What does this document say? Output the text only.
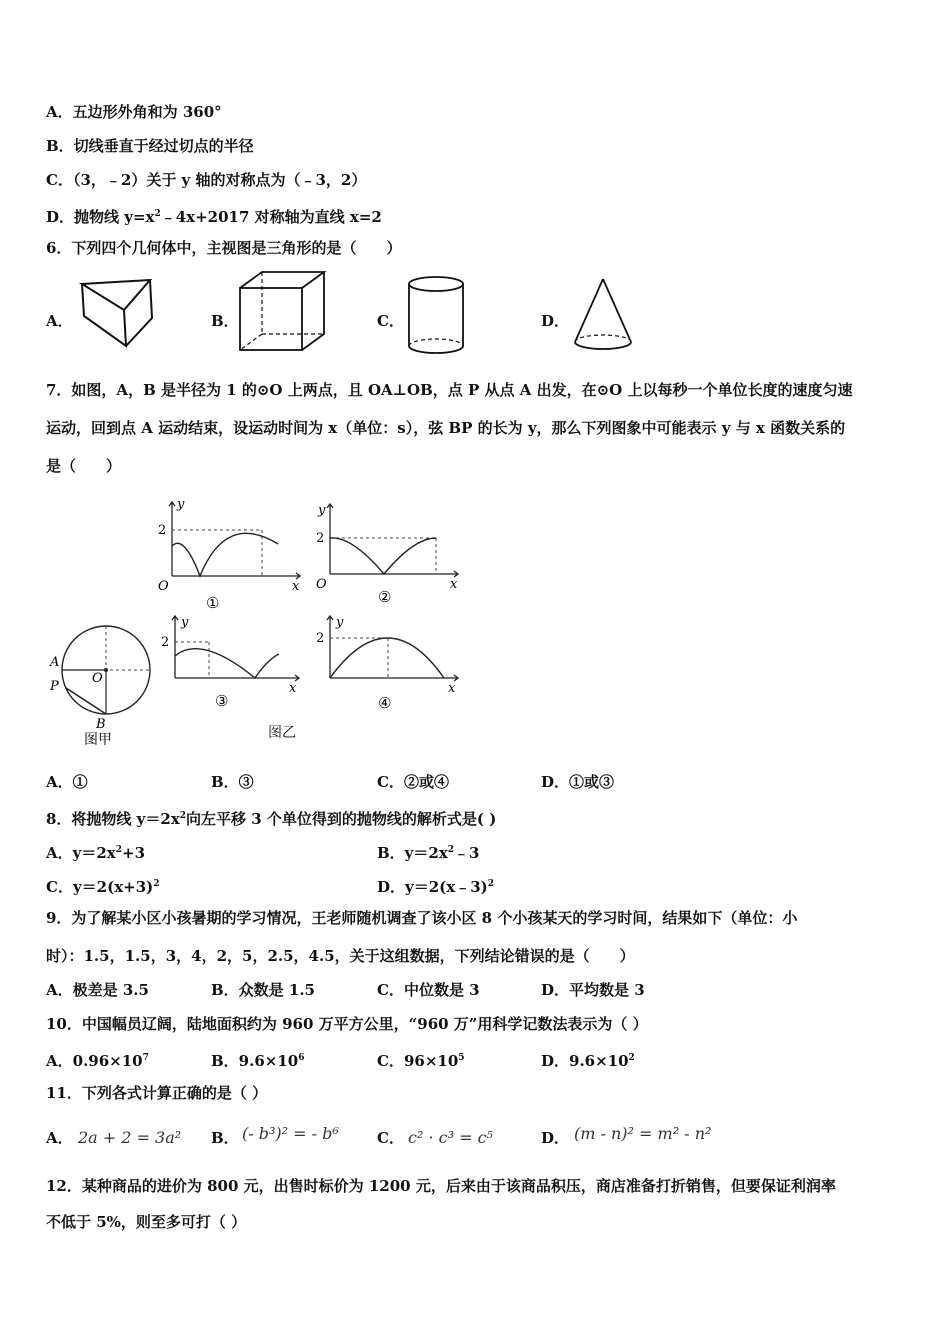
A．五边形外角和为 360°
B．切线垂直于经过切点的半径
C．（3，﹣2）关于 y 轴的对称点为（﹣3，2）
D．抛物线 $y=x^2﹣4x+2017$ 对称轴为直线 x=2
6．下列四个几何体中，主视图是三角形的是（　　）
A．	B．	C．	D．
7．如图，A，B 是半径为 1 的⊙O 上两点，且 OA⊥OB，点 P 从点 A 出发，在⊙O 上以每秒一个单位长度的速度匀速
运动，回到点 A 运动结束，设运动时间为 x（单位：s），弦 BP 的长为 y，那么下列图象中可能表示 y 与 x 函数关系的
是（　　）
2
y
x
O
①
2
y
x
O
②
A
P
O
B
图甲
2
y
x
③
2
y
x
④
图乙
A．①	B．③	C．②或④	D．①或③
8．将抛物线 $y=2x^2$向左平移 3 个单位得到的抛物线的解析式是( )
A．$y=2x^2+3$	B．$y=2x^2﹣3$
C．$y=2(x+3)^2$	D．y＝2(x﹣3)$^2$
9．为了解某小区小孩暑期的学习情况，王老师随机调查了该小区 8 个小孩某天的学习时间，结果如下（单位：小
时）：1.5，1.5，3，4，2，5，2.5，4.5，关于这组数据，下列结论错误的是（　　）
A．极差是 3.5	B．众数是 1.5	C．中位数是 3	D．平均数是 3
10．中国幅员辽阔，陆地面积约为 960 万平方公里，“960 万”用科学记数法表示为（ ）
A．$0.96\times 10^7$	B．$9.6\times 10^6$	C．$96\times 10^5$	D．$9.6\times 10^2$
11．下列各式计算正确的是（ ）
A． 2a + 2 = 3a² B． (- b³)² = - b⁶	C． c² · c³ = c⁵	D． (m - n)² = m² - n²
12．某种商品的进价为 800 元，出售时标价为 1200 元，后来由于该商品积压，商店准备打折销售，但要保证利润率
不低于 5%，则至多可打（ ）
